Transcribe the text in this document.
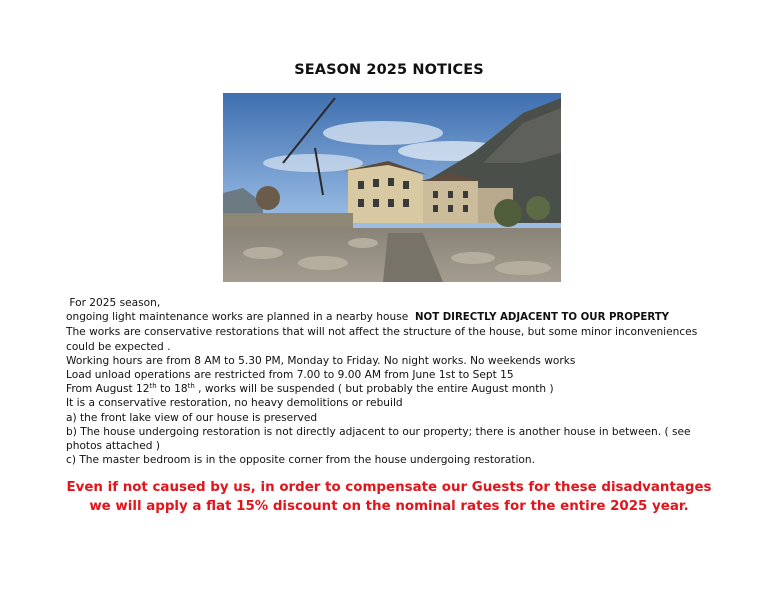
SEASON 2025 NOTICES

For 2025 season,

ongoing light maintenance works are planned in a nearby house NOT DIRECTLY ADJACENT TO OUR PROPERTY

The works are conservative restorations that will not affect the structure of the house, but some minor inconveniences could be expected .

Working hours are from 8 AM to 5.30 PM, Monday to Friday. No night works. No weekends works

Load unload operations are restricted from 7.00 to 9.00 AM from June 1st to Sept 15

From August 12th to 18th , works will be suspended ( but probably the entire August month )

It is a conservative restoration, no heavy demolitions or rebuild

a) the front lake view of our house is preserved

b) The house undergoing restoration is not directly adjacent to our property; there is another house in between. ( see photos attached )

c) The master bedroom is in the opposite corner from the house undergoing restoration.

Even if not caused by us, in order to compensate our Guests for these disadvantages

we will apply a flat 15% discount on the nominal rates for the entire 2025 year.
